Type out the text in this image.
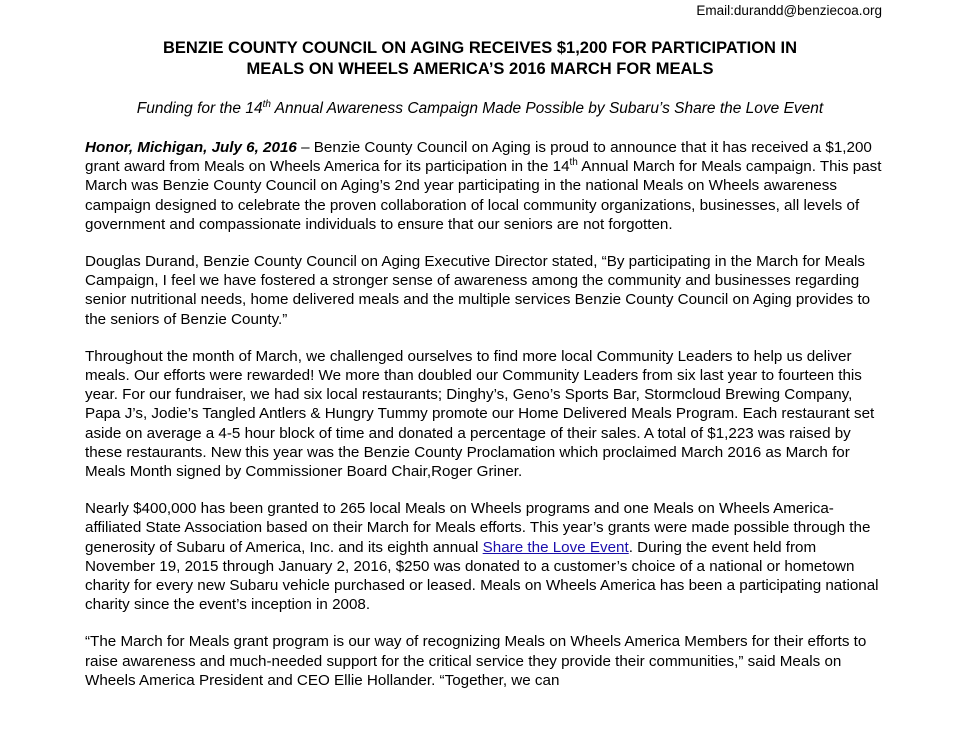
Email:durandd@benziecoa.org
BENZIE COUNTY COUNCIL ON AGING RECEIVES $1,200 FOR PARTICIPATION IN
MEALS ON WHEELS AMERICA’S 2016 MARCH FOR MEALS
Funding for the 14th Annual Awareness Campaign Made Possible by Subaru’s Share the Love Event

Honor, Michigan, July 6, 2016 – Benzie County Council on Aging is proud to announce that it has received a $1,200 grant award from Meals on Wheels America for its participation in the 14th Annual March for Meals campaign. This past March was Benzie County Council on Aging’s 2nd year participating in the national Meals on Wheels awareness campaign designed to celebrate the proven collaboration of local community organizations, businesses, all levels of government and compassionate individuals to ensure that our seniors are not forgotten.

Douglas Durand, Benzie County Council on Aging Executive Director stated, “By participating in the March for Meals Campaign, I feel we have fostered a stronger sense of awareness among the community and businesses regarding senior nutritional needs, home delivered meals and the multiple services Benzie County Council on Aging provides to the seniors of Benzie County.”

Throughout the month of March, we challenged ourselves to find more local Community Leaders to help us deliver meals. Our efforts were rewarded! We more than doubled our Community Leaders from six last year to fourteen this year. For our fundraiser, we had six local restaurants; Dinghy’s, Geno’s Sports Bar, Stormcloud Brewing Company, Papa J’s, Jodie’s Tangled Antlers & Hungry Tummy promote our Home Delivered Meals Program. Each restaurant set aside on average a 4-5 hour block of time and donated a percentage of their sales. A total of $1,223 was raised by these restaurants. New this year was the Benzie County Proclamation which proclaimed March 2016 as March for Meals Month signed by Commissioner Board Chair,Roger Griner.

Nearly $400,000 has been granted to 265 local Meals on Wheels programs and one Meals on Wheels America-affiliated State Association based on their March for Meals efforts. This year’s grants were made possible through the generosity of Subaru of America, Inc. and its eighth annual Share the Love Event. During the event held from November 19, 2015 through January 2, 2016, $250 was donated to a customer’s choice of a national or hometown charity for every new Subaru vehicle purchased or leased. Meals on Wheels America has been a participating national charity since the event’s inception in 2008.

“The March for Meals grant program is our way of recognizing Meals on Wheels America Members for their efforts to raise awareness and much-needed support for the critical service they provide their communities,” said Meals on Wheels America President and CEO Ellie Hollander. “Together, we can
